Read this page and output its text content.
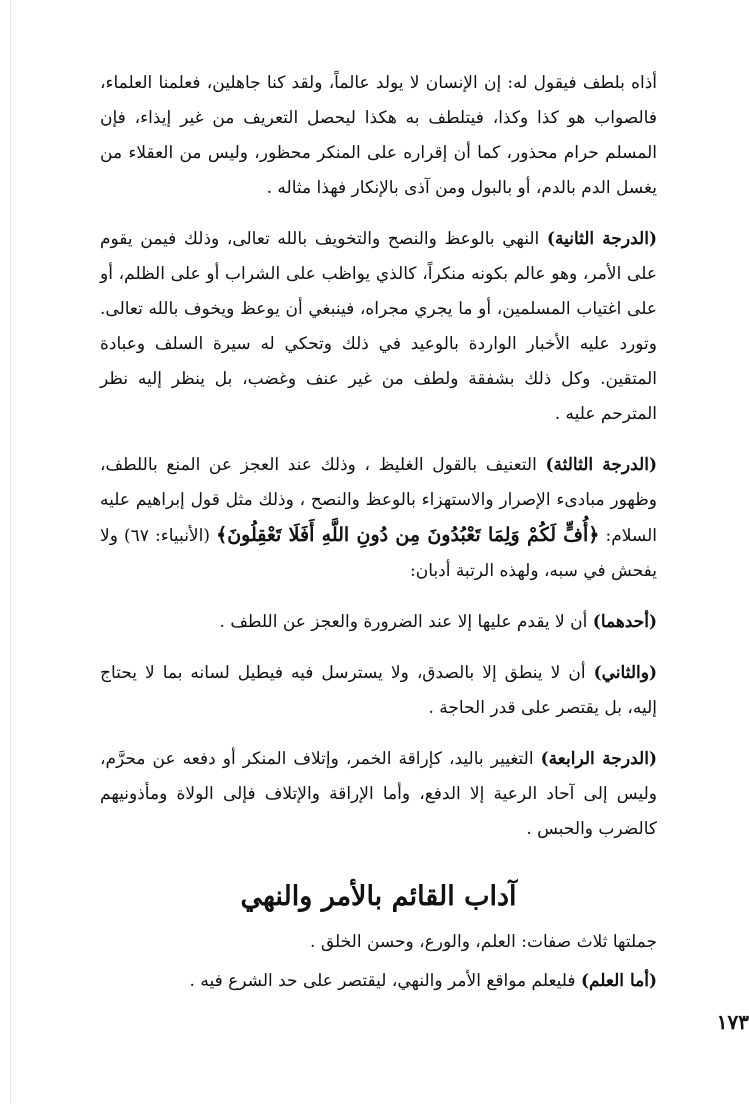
أذاه بلطف فيقول له: إن الإنسان لا يولد عالماً، ولقد كنا جاهلين، فعلمنا العلماء، فالصواب هو كذا وكذا، فيتلطف به هكذا ليحصل التعريف من غير إيذاء، فإن المسلم حرام محذور، كما أن إقراره على المنكر محظور، وليس من العقلاء من يغسل الدم بالدم، أو بالبول ومن آذى بالإنكار فهذا مثاله .

(الدرجة الثانية) النهي بالوعظ والنصح والتخويف بالله تعالى، وذلك فيمن يقوم على الأمر، وهو عالم بكونه منكراً، كالذي يواظب على الشراب أو على الظلم، أو على اغتياب المسلمين، أو ما يجري مجراه، فينبغي أن يوعظ ويخوف بالله تعالى. وتورد عليه الأخبار الواردة بالوعيد في ذلك وتحكي له سيرة السلف وعبادة المتقين. وكل ذلك بشفقة ولطف من غير عنف وغضب، بل ينظر إليه نظر المترحم عليه .

(الدرجة الثالثة) التعنيف بالقول الغليظ ، وذلك عند العجز عن المنع باللطف، وظهور مبادىء الإصرار والاستهزاء بالوعظ والنصح ، وذلك مثل قول إبراهيم عليه السلام: ﴿أُفٍّ لَكُمْ وَلِمَا تَعْبُدُونَ مِن دُونِ اللَّهِ أَفَلَا تَعْقِلُونَ﴾ (الأنبياء: ٦٧) ولا يفحش في سبه، ولهذه الرتبة أدبان:

(أحدهما) أن لا يقدم عليها إلا عند الضرورة والعجز عن اللطف .

(والثاني) أن لا ينطق إلا بالصدق، ولا يسترسل فيه فيطيل لسانه بما لا يحتاج إليه، بل يقتصر على قدر الحاجة .

(الدرجة الرابعة) التغيير باليد، كإراقة الخمر، وإتلاف المنكر أو دفعه عن محرَّم، وليس إلى آحاد الرعية إلا الدفع، وأما الإراقة والإتلاف فإلى الولاة ومأذونيهم كالضرب والحبس .

آداب القائم بالأمر والنهي

جملتها ثلاث صفات: العلم، والورع، وحسن الخلق .

(أما العلم) فليعلم مواقع الأمر والنهي، ليقتصر على حد الشرع فيه .

١٧٣
